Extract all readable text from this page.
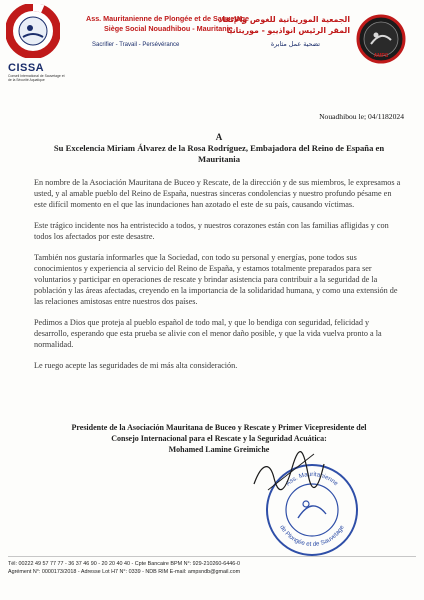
CISSA
Conseil International de Sauvetage et de la Sécurité Aquatique
Ass. Mauritanienne de Plongée et de Sauvetage
Siège Social Nouadhibou - Mauritanie
Sacrifier - Travail - Persévérance
الجمعية الموريتانية للغوص والإنقاذ
المقر الرئيس انواذيبو - موريتانيا
تضحية عمل مثابرة
AMPS
Nouadhibou le; 04/1182024
A
Su Excelencia Miriam Álvarez de la Rosa Rodríguez, Embajadora del Reino de España en Mauritania

En nombre de la Asociación Mauritana de Buceo y Rescate, de la dirección y de sus miembros, le expresamos a usted, y al amable pueblo del Reino de España, nuestras sinceras condolencias y nuestro profundo pésame en este difícil momento en el que las inundaciones han azotado el este de su país, causando víctimas.

Este trágico incidente nos ha entristecido a todos, y nuestros corazones están con las familias afligidas y con todos los afectados por este desastre.

También nos gustaría informarles que la Sociedad, con todo su personal y energías, pone todos sus conocimientos y experiencia al servicio del Reino de España, y estamos totalmente preparados para ser voluntarios y participar en operaciones de rescate y brindar asistencia para contribuir a la seguridad de la población y las áreas afectadas, creyendo en la importancia de la solidaridad humana, y como una extensión de las relaciones amistosas entre nuestros dos países.

Pedimos a Dios que proteja al pueblo español de todo mal, y que lo bendiga con seguridad, felicidad y desarrollo, esperando que esta prueba se alivie con el menor daño posible, y que la vida vuelva pronto a la normalidad.

Le ruego acepte las seguridades de mi más alta consideración.

Presidente de la Asociación Mauritana de Buceo y Rescate y Primer Vicepresidente del
Consejo Internacional para el Rescate y la Seguridad Acuática:
Mohamed Lamine Greimiche
Ass. Mauritanienne
de Plongée et de Sauvetage
Tél: 00222 49 57 77 77 - 36 37 46 90 - 20 20 40 40 - Cpte Bancaire BPM N°: 929-210260-6446-0
Agrément N°: 0000173/2018 - Adresse Lot H7 N°: 0339 - NDB RIM E-mail: ampsndb@gmail.com
